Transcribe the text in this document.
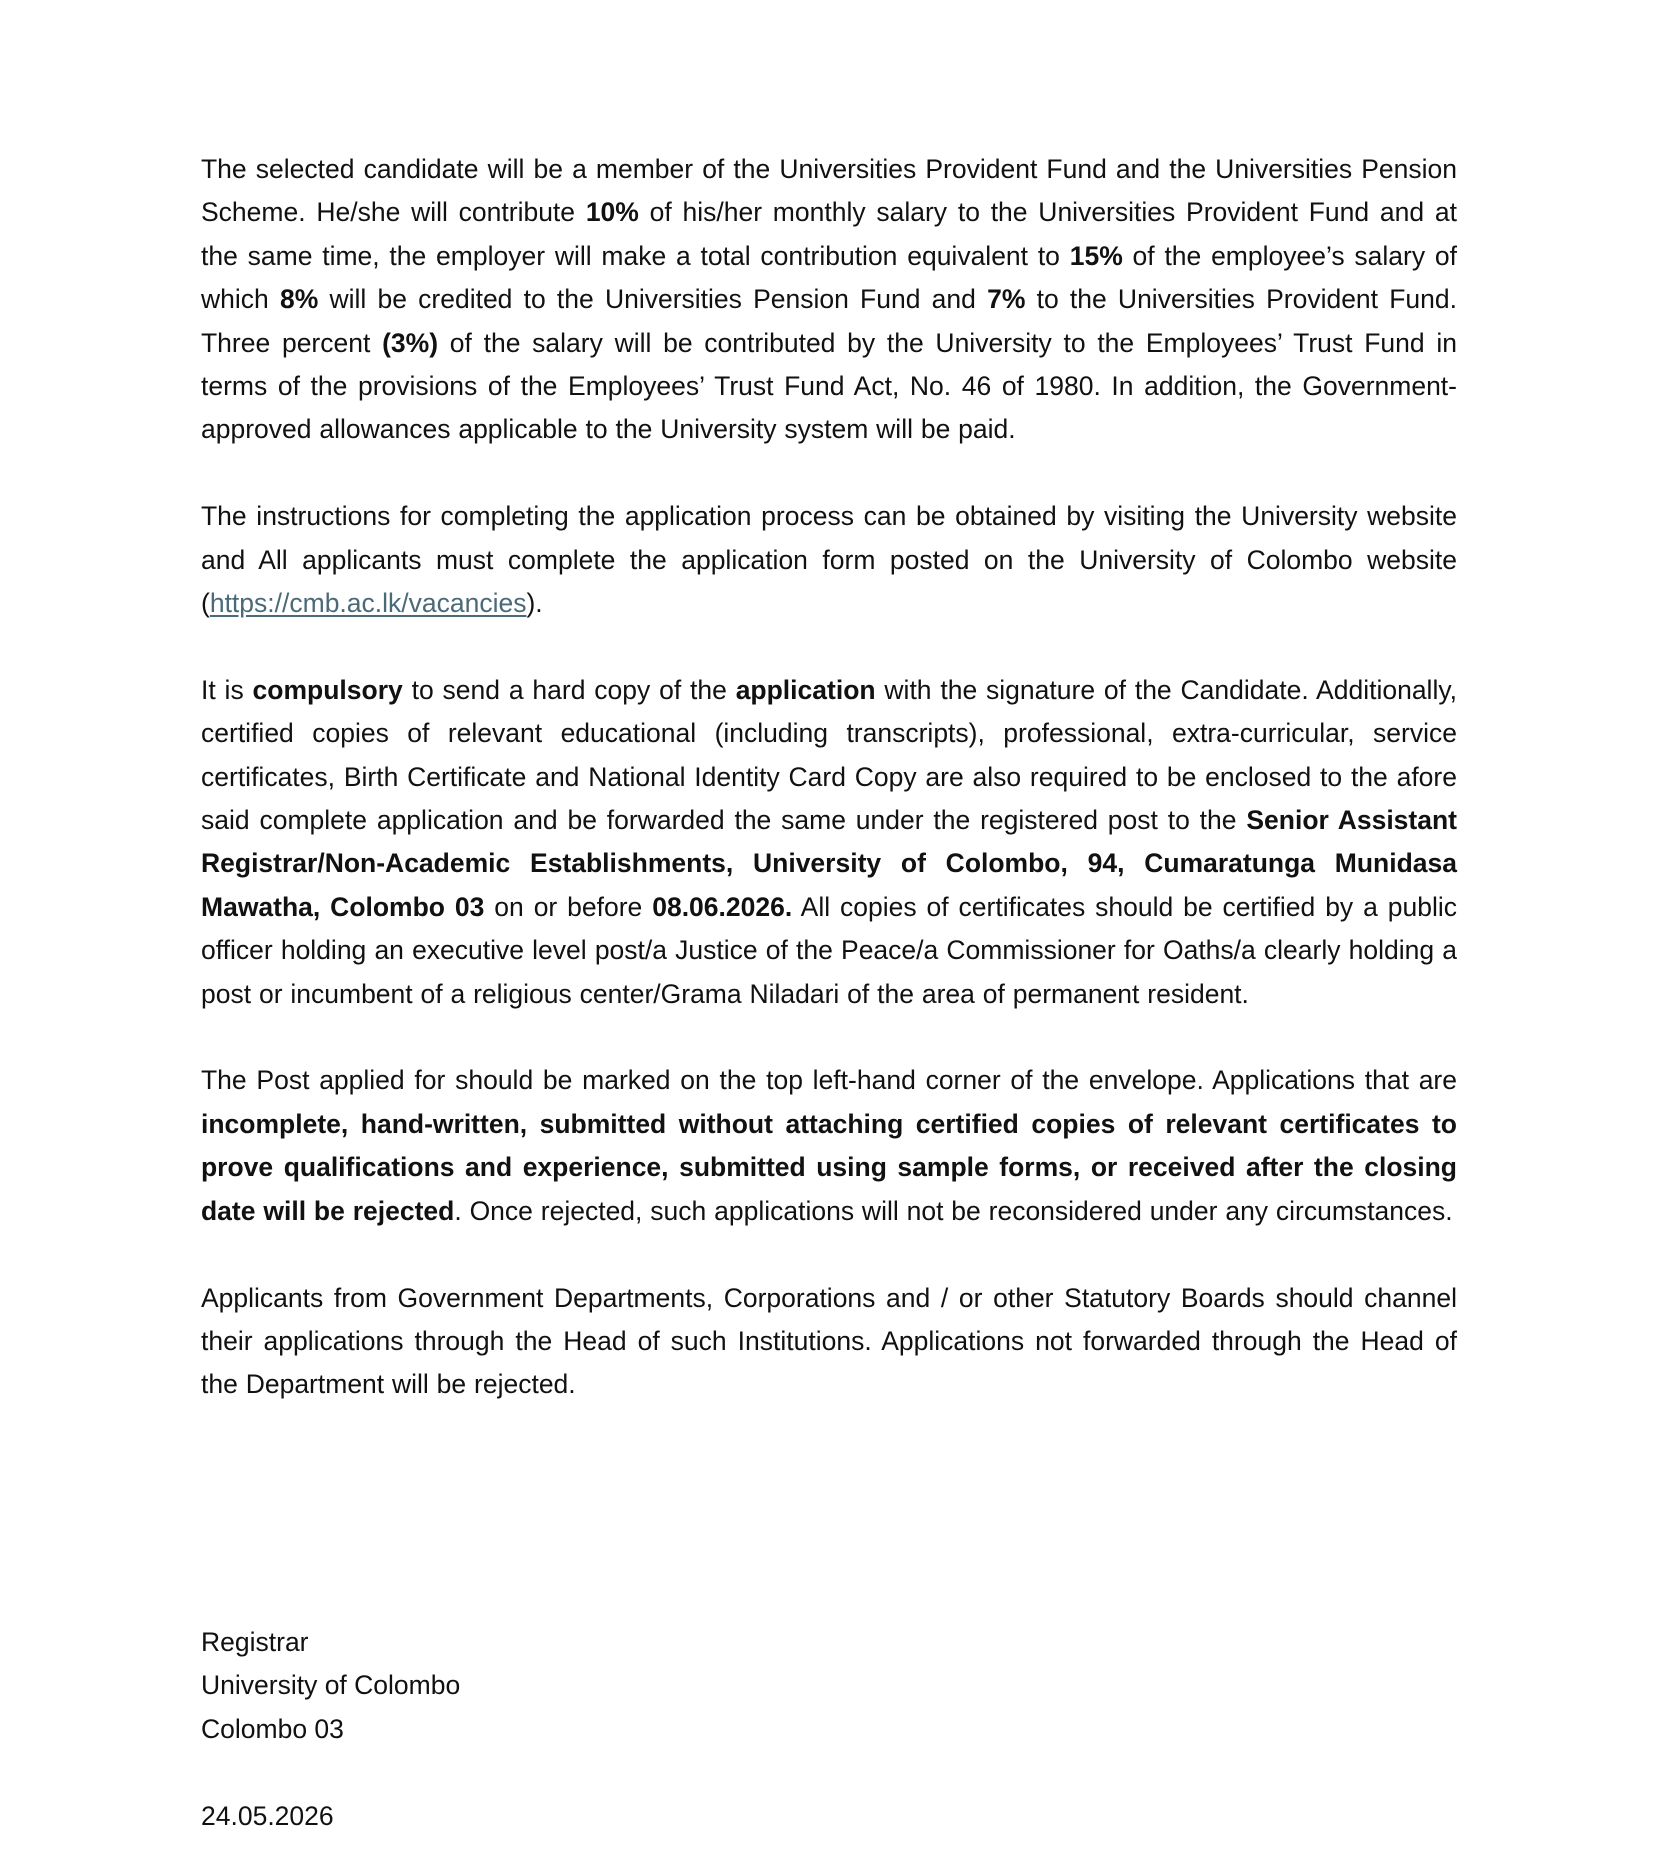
The selected candidate will be a member of the Universities Provident Fund and the Universities Pension Scheme. He/she will contribute 10% of his/her monthly salary to the Universities Provident Fund and at the same time, the employer will make a total contribution equivalent to 15% of the employee’s salary of which 8% will be credited to the Universities Pension Fund and 7% to the Universities Provident Fund. Three percent (3%) of the salary will be contributed by the University to the Employees’ Trust Fund in terms of the provisions of the Employees’ Trust Fund Act, No. 46 of 1980. In addition, the Government-approved allowances applicable to the University system will be paid.

The instructions for completing the application process can be obtained by visiting the University website and All applicants must complete the application form posted on the University of Colombo website (https://cmb.ac.lk/vacancies).

It is compulsory to send a hard copy of the application with the signature of the Candidate. Additionally, certified copies of relevant educational (including transcripts), professional, extra-curricular, service certificates, Birth Certificate and National Identity Card Copy are also required to be enclosed to the afore said complete application and be forwarded the same under the registered post to the Senior Assistant Registrar/Non-Academic Establishments, University of Colombo, 94, Cumaratunga Munidasa Mawatha, Colombo 03 on or before 08.06.2026. All copies of certificates should be certified by a public officer holding an executive level post/a Justice of the Peace/a Commissioner for Oaths/a clearly holding a post or incumbent of a religious center/Grama Niladari of the area of permanent resident.

The Post applied for should be marked on the top left-hand corner of the envelope. Applications that are incomplete, hand-written, submitted without attaching certified copies of relevant certificates to prove qualifications and experience, submitted using sample forms, or received after the closing date will be rejected. Once rejected, such applications will not be reconsidered under any circumstances.

Applicants from Government Departments, Corporations and / or other Statutory Boards should channel their applications through the Head of such Institutions. Applications not forwarded through the Head of the Department will be rejected.

Registrar
University of Colombo
Colombo 03
24.05.2026
